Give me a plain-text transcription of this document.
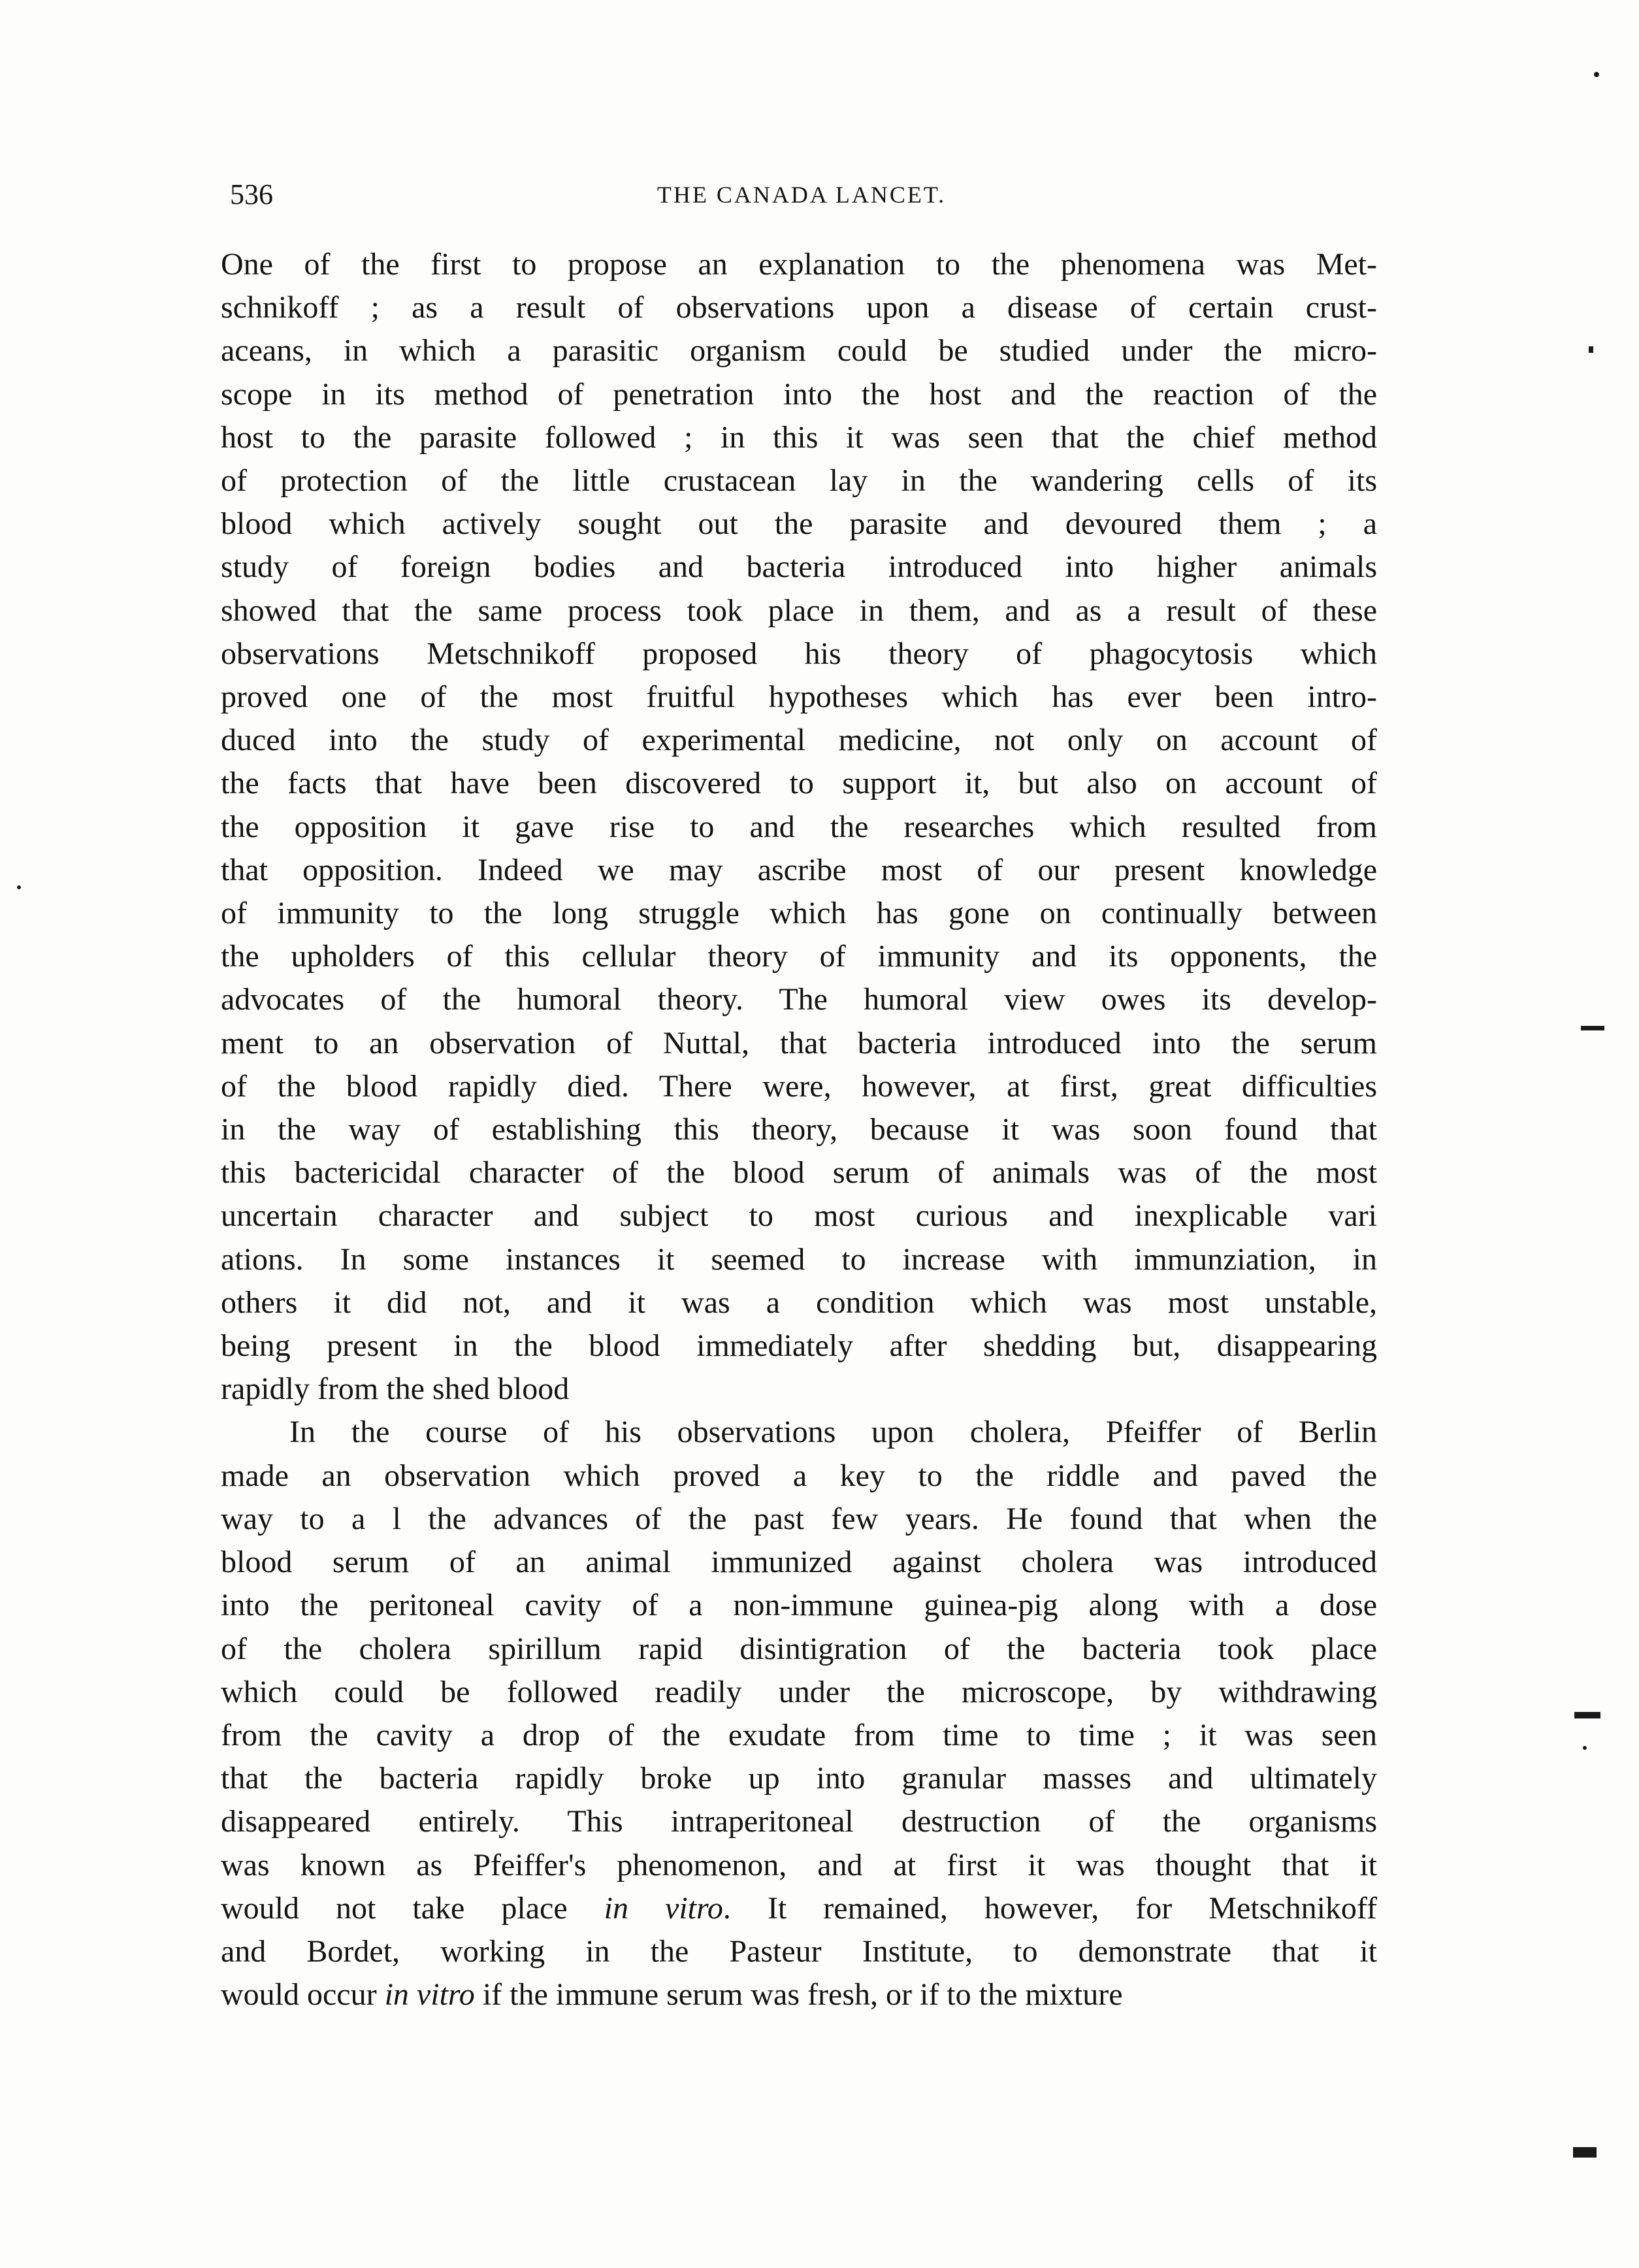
536	THE CANADA LANCET.

One of the first to propose an explanation to the phenomena was Met-
schnikoff ; as a result of observations upon a disease of certain crust-
aceans, in which a parasitic organism could be studied under the micro-
scope in its method of penetration into the host and the reaction of the
host to the parasite followed ; in this it was seen that the chief method
of protection of the little crustacean lay in the wandering cells of its
blood which actively sought out the parasite and devoured them ; a
study of foreign bodies and bacteria introduced into higher animals
showed that the same process took place in them, and as a result of these
observations Metschnikoff proposed his theory of phagocytosis which
proved one of the most fruitful hypotheses which has ever been intro-
duced into the study of experimental medicine, not only on account of
the facts that have been discovered to support it, but also on account of
the opposition it gave rise to and the researches which resulted from
that opposition. Indeed we may ascribe most of our present knowledge
of immunity to the long struggle which has gone on continually between
the upholders of this cellular theory of immunity and its opponents, the
advocates of the humoral theory. The humoral view owes its develop-
ment to an observation of Nuttal, that bacteria introduced into the serum
of the blood rapidly died. There were, however, at first, great difficulties
in the way of establishing this theory, because it was soon found that
this bactericidal character of the blood serum of animals was of the most
uncertain character and subject to most curious and inexplicable vari
ations. In some instances it seemed to increase with immunziation, in
others it did not, and it was a condition which was most unstable,
being present in the blood immediately after shedding but, disappearing
rapidly from the shed blood

In the course of his observations upon cholera, Pfeiffer of Berlin
made an observation which proved a key to the riddle and paved the
way to a l the advances of the past few years. He found that when the
blood serum of an animal immunized against cholera was introduced
into the peritoneal cavity of a non-immune guinea-pig along with a dose
of the cholera spirillum rapid disintigration of the bacteria took place
which could be followed readily under the microscope, by withdrawing
from the cavity a drop of the exudate from time to time ; it was seen
that the bacteria rapidly broke up into granular masses and ultimately
disappeared entirely. This intraperitoneal destruction of the organisms
was known as Pfeiffer's phenomenon, and at first it was thought that it
would not take place in vitro. It remained, however, for Metschnikoff
and Bordet, working in the Pasteur Institute, to demonstrate that it
would occur in vitro if the immune serum was fresh, or if to the mixture
